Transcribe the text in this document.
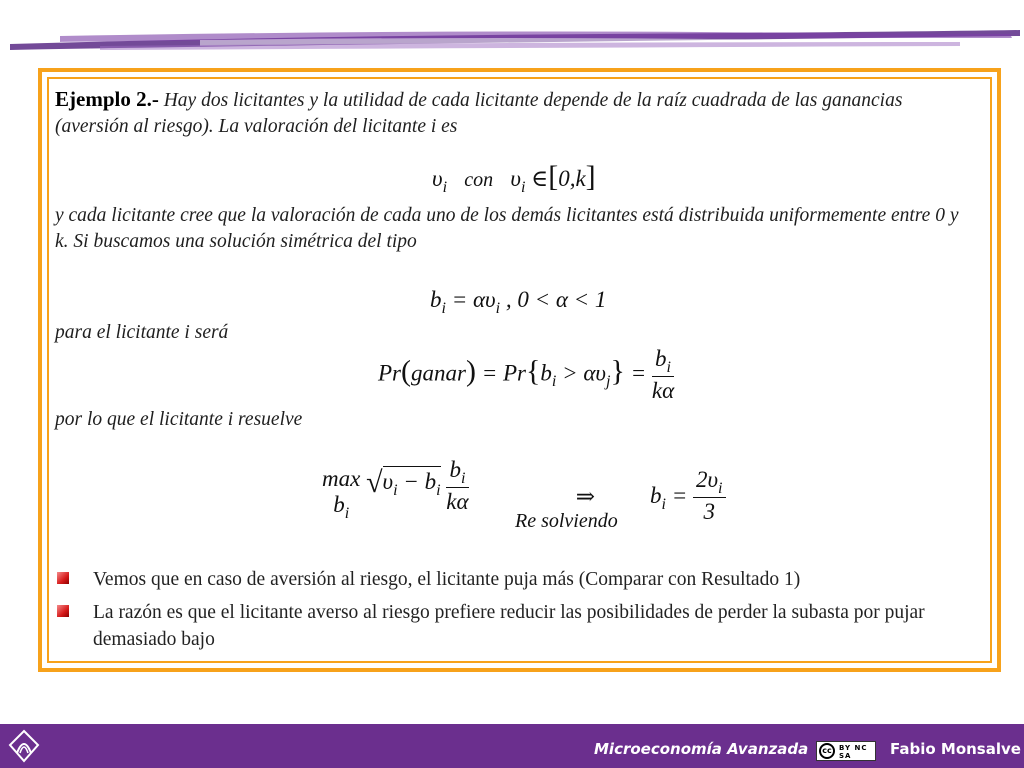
Ejemplo 2.- Hay dos licitantes y la utilidad de cada licitante depende de la raíz cuadrada de las ganancias (aversión al riesgo). La valoración del licitante i es
$\upsilon_i$ con $\upsilon_i$ ∈[0,k]
y cada licitante cree que la valoración de cada uno de los demás licitantes está distribuida uniformemente entre 0 y k. Si buscamos una solución simétrica del tipo
$b_i = \alpha\upsilon_i$ , 0 < α < 1
para el licitante i será
Pr(ganar) = $Pr\{b_i > \alpha\upsilon_j\} = \frac{b_i}{k\alpha}$
por lo que el licitante i resuelve
max
$b_i$
$√\upsilon_i - b_i \frac{b_i}{k\alpha}$	⇒
Re solviendo
$b_i = \frac{2\upsilon_i}{3}$
Vemos que en caso de aversión al riesgo, el licitante puja más (Comparar con Resultado 1)
La razón es que el licitante averso al riesgo prefiere reducir las posibilidades de perder la subasta por pujar demasiado bajo
Microeconomía Avanzada	cc	BY NC SA	Fabio Monsalve
